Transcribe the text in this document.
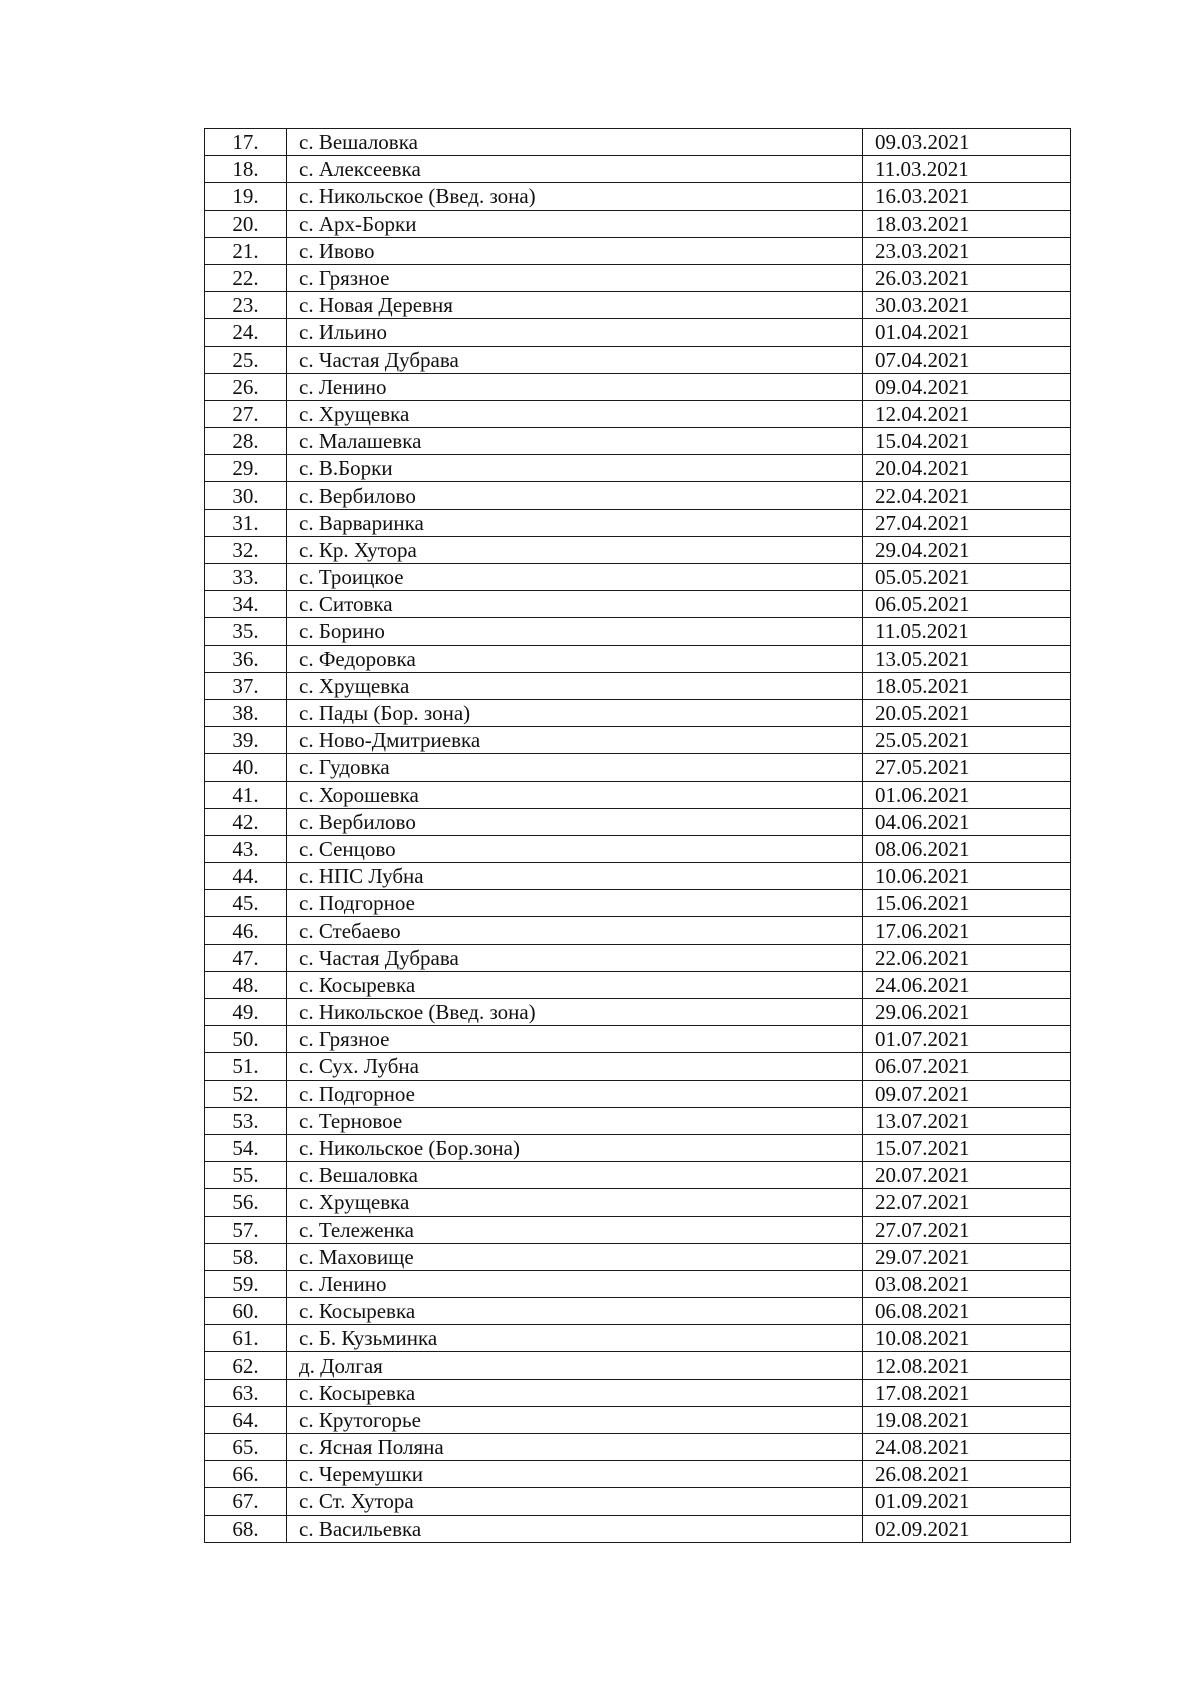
17.	с. Вешаловка	09.03.2021
18.	с. Алексеевка	11.03.2021
19.	с. Никольское (Введ. зона)	16.03.2021
20.	с. Арх-Борки	18.03.2021
21.	с. Ивово	23.03.2021
22.	с. Грязное	26.03.2021
23.	с. Новая Деревня	30.03.2021
24.	с. Ильино	01.04.2021
25.	с. Частая Дубрава	07.04.2021
26.	с. Ленино	09.04.2021
27.	с. Хрущевка	12.04.2021
28.	с. Малашевка	15.04.2021
29.	с. В.Борки	20.04.2021
30.	с. Вербилово	22.04.2021
31.	с. Варваринка	27.04.2021
32.	с. Кр. Хутора	29.04.2021
33.	с. Троицкое	05.05.2021
34.	с. Ситовка	06.05.2021
35.	с. Борино	11.05.2021
36.	с. Федоровка	13.05.2021
37.	с. Хрущевка	18.05.2021
38.	с. Пады (Бор. зона)	20.05.2021
39.	с. Ново-Дмитриевка	25.05.2021
40.	с. Гудовка	27.05.2021
41.	с. Хорошевка	01.06.2021
42.	с. Вербилово	04.06.2021
43.	с. Сенцово	08.06.2021
44.	с. НПС Лубна	10.06.2021
45.	с. Подгорное	15.06.2021
46.	с. Стебаево	17.06.2021
47.	с. Частая Дубрава	22.06.2021
48.	с. Косыревка	24.06.2021
49.	с. Никольское (Введ. зона)	29.06.2021
50.	с. Грязное	01.07.2021
51.	с. Сух. Лубна	06.07.2021
52.	с. Подгорное	09.07.2021
53.	с. Терновое	13.07.2021
54.	с. Никольское (Бор.зона)	15.07.2021
55.	с. Вешаловка	20.07.2021
56.	с. Хрущевка	22.07.2021
57.	с. Тележенка	27.07.2021
58.	с. Маховище	29.07.2021
59.	с. Ленино	03.08.2021
60.	с. Косыревка	06.08.2021
61.	с. Б. Кузьминка	10.08.2021
62.	д. Долгая	12.08.2021
63.	с. Косыревка	17.08.2021
64.	с. Крутогорье	19.08.2021
65.	с. Ясная Поляна	24.08.2021
66.	с. Черемушки	26.08.2021
67.	с. Ст. Хутора	01.09.2021
68.	с. Васильевка	02.09.2021
